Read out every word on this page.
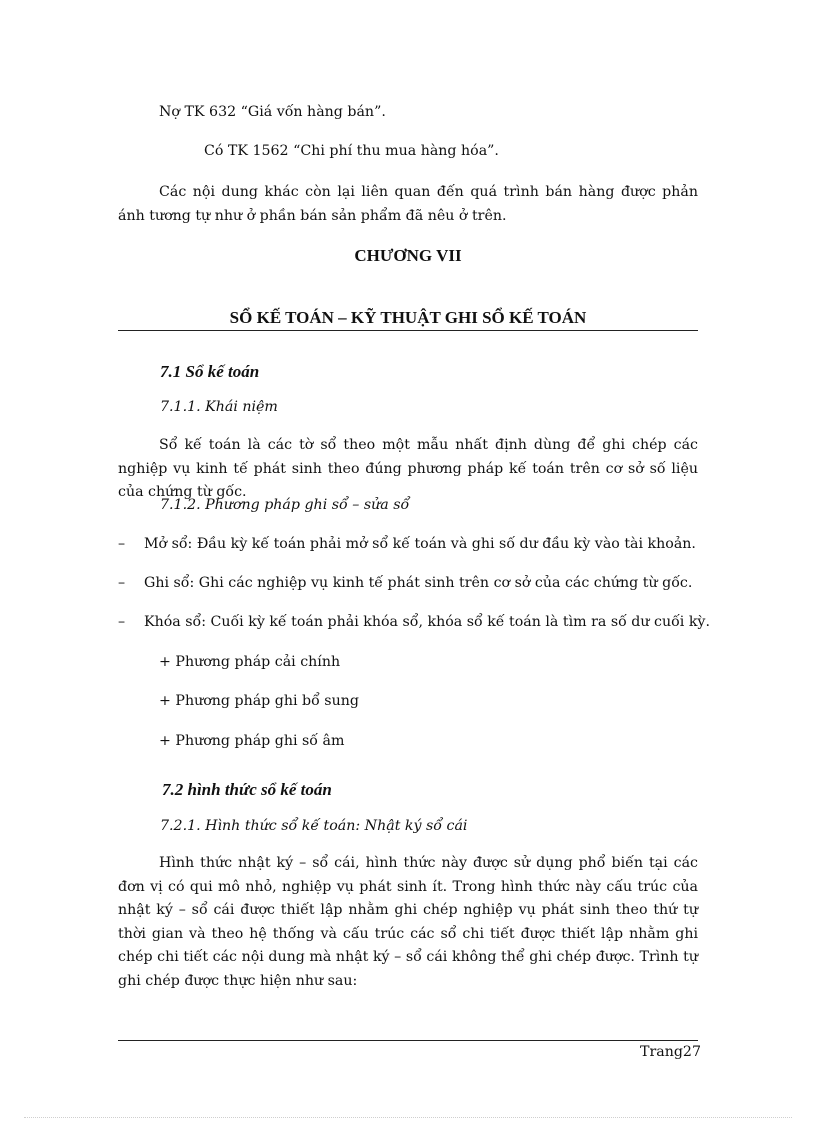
Nợ TK 632 “Giá vốn hàng bán”.

Có TK 1562 “Chi phí thu mua hàng hóa”.

Các nội dung khác còn lại liên quan đến quá trình bán hàng được phản ánh tương tự như ở phần bán sản phẩm đã nêu ở trên.

CHƯƠNG VII
SỔ KẾ TOÁN – KỸ THUẬT GHI SỔ KẾ TOÁN
7.1 Sổ kế toán

7.1.1. Khái niệm

Sổ kế toán là các tờ sổ theo một mẫu nhất định dùng để ghi chép các nghiệp vụ kinh tế phát sinh theo đúng phương pháp kế toán trên cơ sở số liệu của chứng từ gốc.

7.1.2. Phương pháp ghi sổ – sửa sổ

– Mở sổ: Đầu kỳ kế toán phải mở sổ kế toán và ghi số dư đầu kỳ vào tài khoản.

– Ghi sổ: Ghi các nghiệp vụ kinh tế phát sinh trên cơ sở của các chứng từ gốc.

– Khóa sổ: Cuối kỳ kế toán phải khóa sổ, khóa sổ kế toán là tìm ra số dư cuối kỳ.

+ Phương pháp cải chính

+ Phương pháp ghi bổ sung

+ Phương pháp ghi số âm

7.2 hình thức sổ kế toán

7.2.1. Hình thức sổ kế toán: Nhật ký sổ cái

Hình thức nhật ký – sổ cái, hình thức này được sử dụng phổ biến tại các đơn vị có qui mô nhỏ, nghiệp vụ phát sinh ít. Trong hình thức này cấu trúc của nhật ký – sổ cái được thiết lập nhằm ghi chép nghiệp vụ phát sinh theo thứ tự thời gian và theo hệ thống và cấu trúc các sổ chi tiết được thiết lập nhằm ghi chép chi tiết các nội dung mà nhật ký – sổ cái không thể ghi chép được. Trình tự ghi chép được thực hiện như sau:

Trang27
